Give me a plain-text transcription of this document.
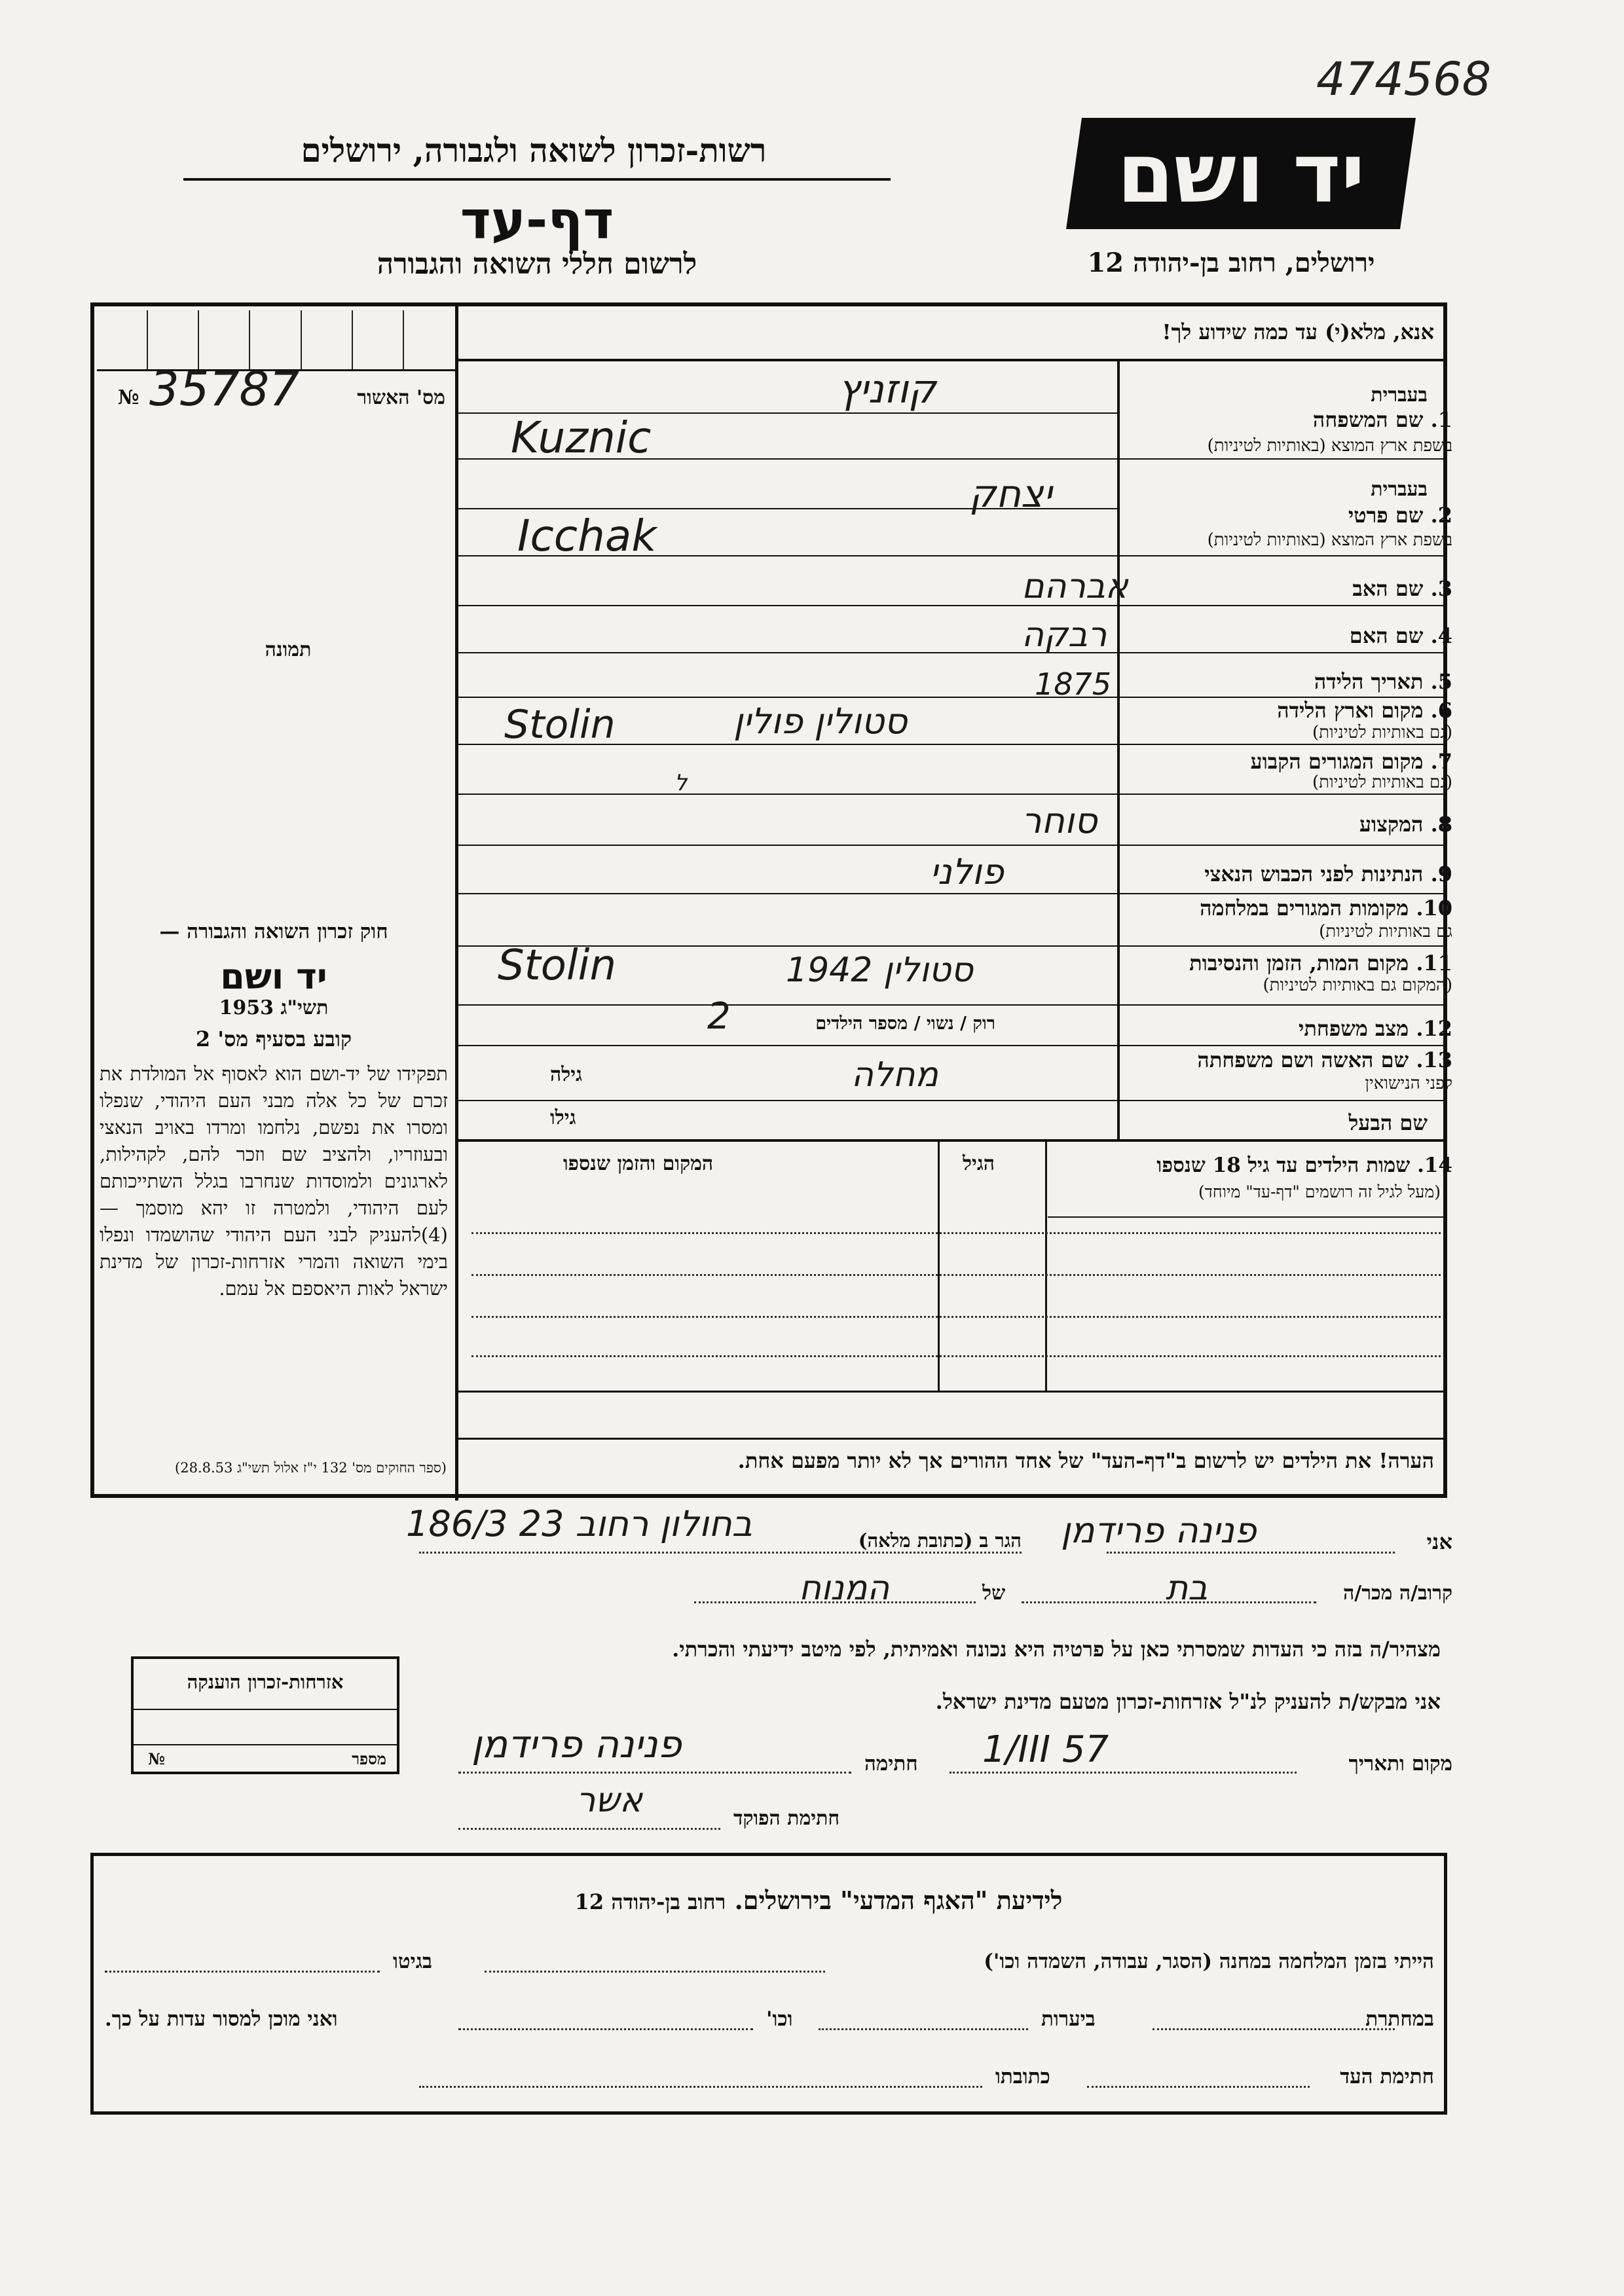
474568
יד ושם
רשות-זכרון לשואה ולגבורה, ירושלים
דף-עד
לרשום חללי השואה והגבורה	ירושלים, רחוב בן-יהודה 12
№ 35787	מס' האשור
תמונה
חוק זכרון השואה והגבורה —
יד ושם
תשי"ג 1953
קובע בסעיף מס' 2
תפקידו של יד-ושם הוא לאסוף אל המולדת את זכרם של כל אלה מבני העם היהודי, שנפלו ומסרו את נפשם, נלחמו ומרדו באויב הנאצי ובעוזריו, ולהציב שם וזכר להם, לקהילות, לארגונים ולמוסדות שנחרבו בגלל השתייכותם לעם היהודי, ולמטרה זו יהא מוסמך — (4)להעניק לבני העם היהודי שהושמדו ונפלו בימי השואה והמרי אזרחות-זכרון של מדינת ישראל לאות היאספם אל עמם.
(ספר החוקים מס' 132 י"ז אלול תשי"ג 28.8.53)
אנא, מלא(י) עד כמה שידוע לך!
בעברית
1. שם המשפחה
בשפת ארץ המוצא (באותיות לטיניות)
קוזניץ
Kuznic
בעברית
2. שם פרטי
בשפת ארץ המוצא (באותיות לטיניות)
יצחק
Icchak
3. שם האב
אברהם
4. שם האם
רבקה
5. תאריך הלידה
1875
6. מקום וארץ הלידה
(גם באותיות לטיניות)
סטולין פולין
Stolin
7. מקום המגורים הקבוע
(גם באותיות לטיניות)
ל
8. המקצוע
סוחר
9. הנתינות לפני הכבוש הנאצי
פולני
10. מקומות המגורים במלחמה
גם באותיות לטיניות)
11. מקום המות, הזמן והנסיבות
(המקום גם באותיות לטיניות)
סטולין 1942
Stolin
12. מצב משפחתי
רוק / נשוי / מספר הילדים
2
13. שם האשה ושם משפחתה
לפני הנישואין
גילה	מחלה
שם הבעל
גילו
14. שמות הילדים עד גיל 18 שנספו
(מעל לגיל זה רושמים "דף-עד" מיוחד)
הגיל
המקום והזמן שנספו
הערה! את הילדים יש לרשום ב"דף-העד" של אחד ההורים אך לא יותר מפעם אחת.
אני
פנינה פרידמן
הגר ב (כתובת מלאה)
בחולון רחוב 23 186/3
קרוב/ה מכר/ה
בת
של
המנוח
מצהיר/ה בזה כי העדות שמסרתי כאן על פרטיה היא נכונה ואמיתית, לפי מיטב ידיעתי והכרתי.
אני מבקש/ת להעניק לנ"ל אזרחות-זכרון מטעם מדינת ישראל.
מקום ותאריך
1/III 57
חתימה
פנינה פרידמן
חתימת הפוקד
אשר
אזרחות-זכרון הוענקה
№	מספר
לידיעת "האגף המדעי" בירושלים. רחוב בן-יהודה 12
הייתי בזמן המלחמה במחנה (הסגר, עבודה, השמדה וכו')
בגיטו
במחתרת
ביערות
וכו'
ואני מוכן למסור עדות על כך.
חתימת העד
כתובתו
